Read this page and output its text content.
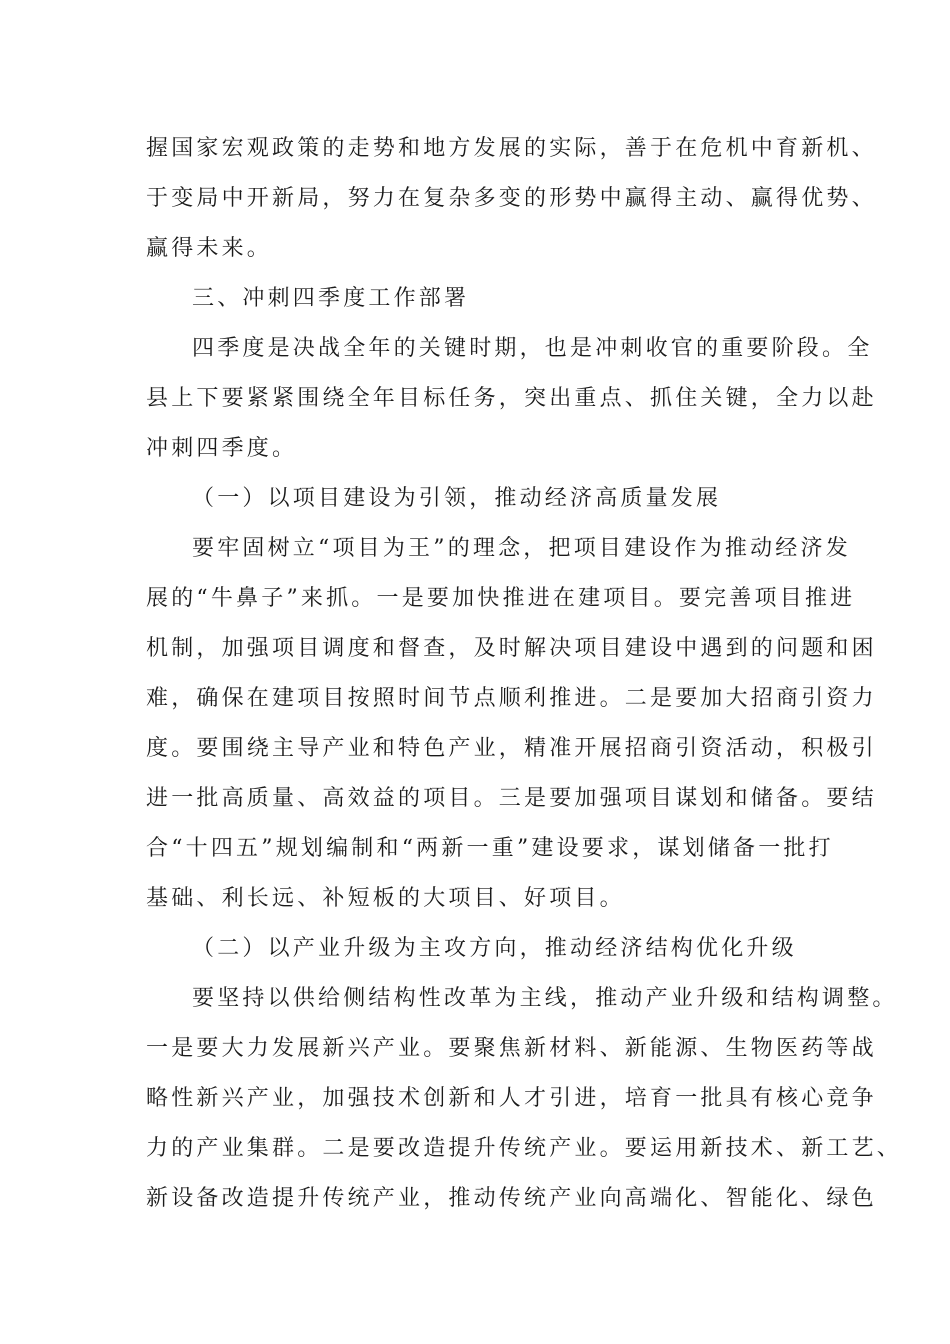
握国家宏观政策的走势和地方发展的实际，善于在危机中育新机、
于变局中开新局，努力在复杂多变的形势中赢得主动、赢得优势、
赢得未来。
三、冲刺四季度工作部署
四季度是决战全年的关键时期，也是冲刺收官的重要阶段。全
县上下要紧紧围绕全年目标任务，突出重点、抓住关键，全力以赴
冲刺四季度。
（一）以项目建设为引领，推动经济高质量发展
要牢固树立“项目为王”的理念，把项目建设作为推动经济发
展的“牛鼻子”来抓。一是要加快推进在建项目。要完善项目推进
机制，加强项目调度和督查，及时解决项目建设中遇到的问题和困
难，确保在建项目按照时间节点顺利推进。二是要加大招商引资力
度。要围绕主导产业和特色产业，精准开展招商引资活动，积极引
进一批高质量、高效益的项目。三是要加强项目谋划和储备。要结
合“十四五”规划编制和“两新一重”建设要求，谋划储备一批打
基础、利长远、补短板的大项目、好项目。
（二）以产业升级为主攻方向，推动经济结构优化升级
要坚持以供给侧结构性改革为主线，推动产业升级和结构调整。
一是要大力发展新兴产业。要聚焦新材料、新能源、生物医药等战
略性新兴产业，加强技术创新和人才引进，培育一批具有核心竞争
力的产业集群。二是要改造提升传统产业。要运用新技术、新工艺、
新设备改造提升传统产业，推动传统产业向高端化、智能化、绿色
